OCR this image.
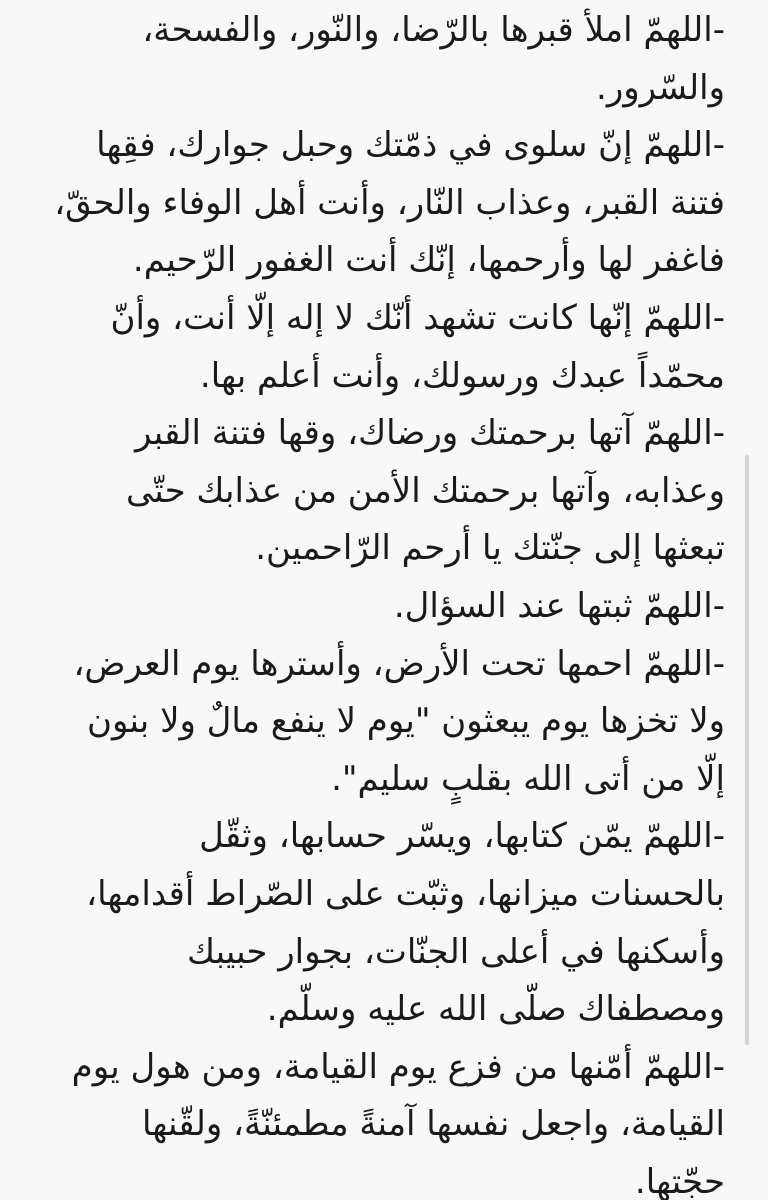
-اللهمّ املأ قبرها بالرّضا، والنّور، والفسحة،
والسّرور.
-اللهمّ إنّ سلوى في ذمّتك وحبل جوارك، فقِها
فتنة القبر، وعذاب النّار، وأنت أهل الوفاء والحقّ،
فاغفر لها وأرحمها، إنّك أنت الغفور الرّحيم.
-اللهمّ إنّها كانت تشهد أنّك لا إله إلّا أنت، وأنّ
محمّداً عبدك ورسولك، وأنت أعلم بها.
-اللهمّ آتها برحمتك ورضاك، وقها فتنة القبر
وعذابه، وآتها برحمتك الأمن من عذابك حتّى
تبعثها إلى جنّتك يا أرحم الرّاحمين.
-اللهمّ ثبتها عند السؤال.
-اللهمّ احمها تحت الأرض، وأسترها يوم العرض،
ولا تخزها يوم يبعثون "يوم لا ينفع مالٌ ولا بنون
إلّا من أتى الله بقلبٍ سليم".
-اللهمّ يمّن كتابها، ويسّر حسابها، وثقّل
بالحسنات ميزانها، وثبّت على الصّراط أقدامها،
وأسكنها في أعلى الجنّات، بجوار حبيبك
ومصطفاك صلّى الله عليه وسلّم.
-اللهمّ أمّنها من فزع يوم القيامة، ومن هول يوم
القيامة، واجعل نفسها آمنةً مطمئنّةً، ولقّنها
حجّتها.
